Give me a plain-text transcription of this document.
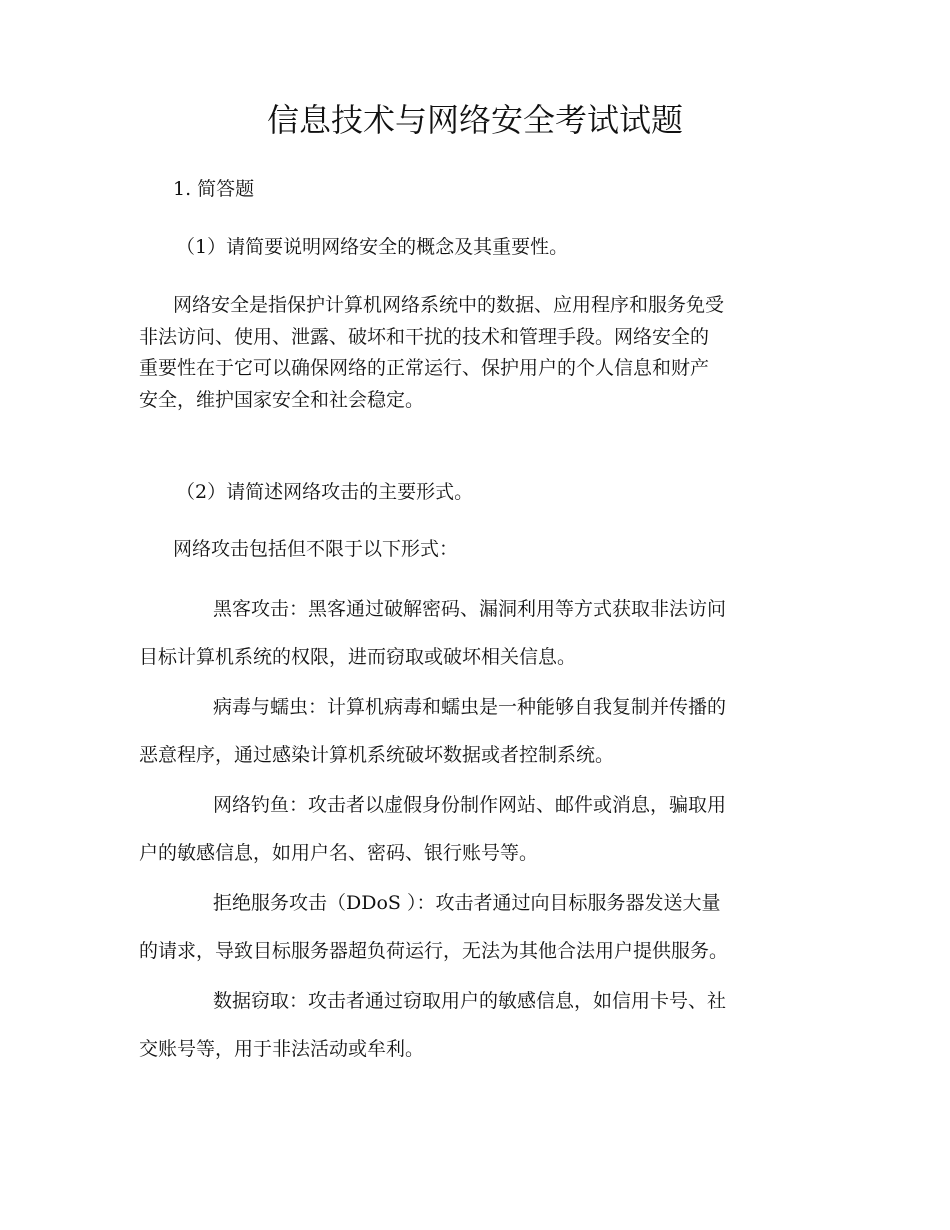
信息技术与网络安全考试试题
1. 简答题

（1）请简要说明网络安全的概念及其重要性。

网络安全是指保护计算机网络系统中的数据、应用程序和服务免受
非法访问、使用、泄露、破坏和干扰的技术和管理手段。网络安全的
重要性在于它可以确保网络的正常运行、保护用户的个人信息和财产
安全，维护国家安全和社会稳定。

（2）请简述网络攻击的主要形式。

网络攻击包括但不限于以下形式：

黑客攻击：黑客通过破解密码、漏洞利用等方式获取非法访问
目标计算机系统的权限，进而窃取或破坏相关信息。
病毒与蠕虫：计算机病毒和蠕虫是一种能够自我复制并传播的
恶意程序，通过感染计算机系统破坏数据或者控制系统。
网络钓鱼：攻击者以虚假身份制作网站、邮件或消息，骗取用
户的敏感信息，如用户名、密码、银行账号等。
拒绝服务攻击（DDoS ）：攻击者通过向目标服务器发送大量
的请求，导致目标服务器超负荷运行，无法为其他合法用户提供服务。
数据窃取：攻击者通过窃取用户的敏感信息，如信用卡号、社
交账号等，用于非法活动或牟利。
